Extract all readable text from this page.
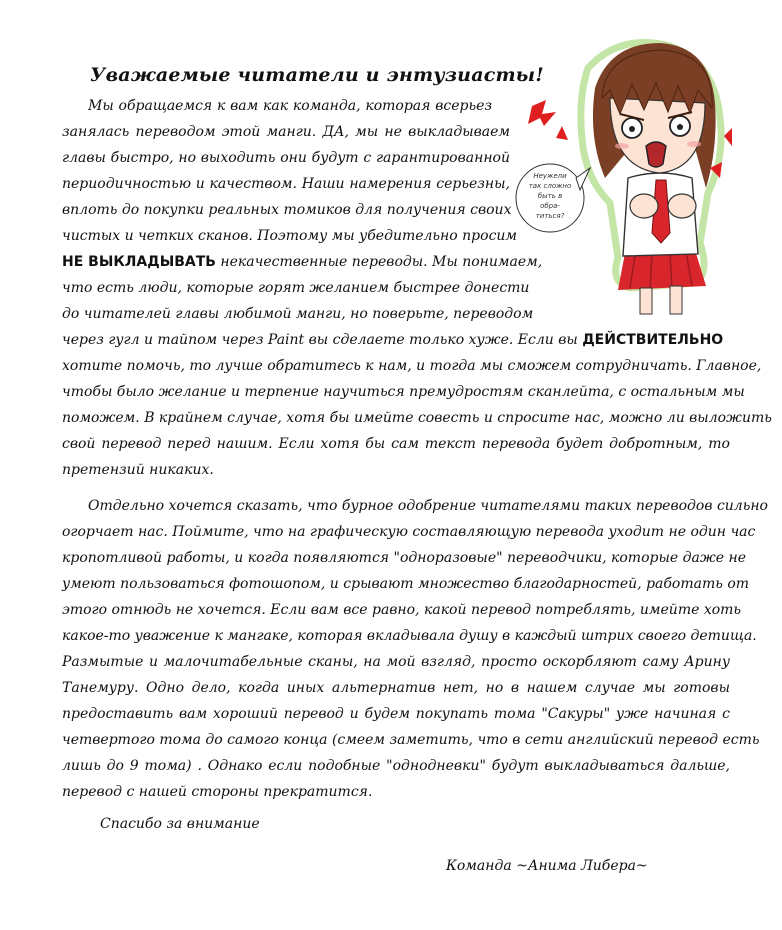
Уважаемые читатели и энтузиасты!
Мы обращаемся к вам как команда, которая всерьез
занялась переводом этой манги. ДА, мы не выкладываем
главы быстро, но выходить они будут с гарантированной
периодичностью и качеством. Наши намерения серьезны,
вплоть до покупки реальных томиков для получения своих
чистых и четких сканов. Поэтому мы убедительно просим
НЕ ВЫКЛАДЫВАТЬ некачественные переводы. Мы понимаем,
что есть люди, которые горят желанием быстрее донести
до читателей главы любимой манги, но поверьте, переводом
через гугл и тайпом через Paint вы сделаете только хуже. Если вы ДЕЙСТВИТЕЛЬНО
хотите помочь, то лучше обратитесь к нам, и тогда мы сможем сотрудничать. Главное,
чтобы было желание и терпение научиться премудростям сканлейта, с остальным мы
поможем. В крайнем случае, хотя бы имейте совесть и спросите нас, можно ли выложить
свой перевод перед нашим. Если хотя бы сам текст перевода будет добротным, то
претензий никаких.
Отдельно хочется сказать, что бурное одобрение читателями таких переводов сильно
огорчает нас. Поймите, что на графическую составляющую перевода уходит не один час
кропотливой работы, и когда появляются "одноразовые" переводчики, которые даже не
умеют пользоваться фотошопом, и срывают множество благодарностей, работать от
этого отнюдь не хочется. Если вам все равно, какой перевод потреблять, имейте хоть
какое-то уважение к мангаке, которая вкладывала душу в каждый штрих своего детища.
Размытые и малочитабельные сканы, на мой взгляд, просто оскорбляют саму Арину
Танемуру. Одно дело, когда иных альтернатив нет, но в нашем случае мы готовы
предоставить вам хороший перевод и будем покупать тома "Сакуры" уже начиная с
четвертого тома до самого конца (смеем заметить, что в сети английский перевод есть
лишь до 9 тома) . Однако если подобные "однодневки" будут выкладываться дальше,
перевод с нашей стороны прекратится.
Спасибо за внимание
Команда ~Анима Либера~
Неужели
так сложно
быть в
обра-
титься?
